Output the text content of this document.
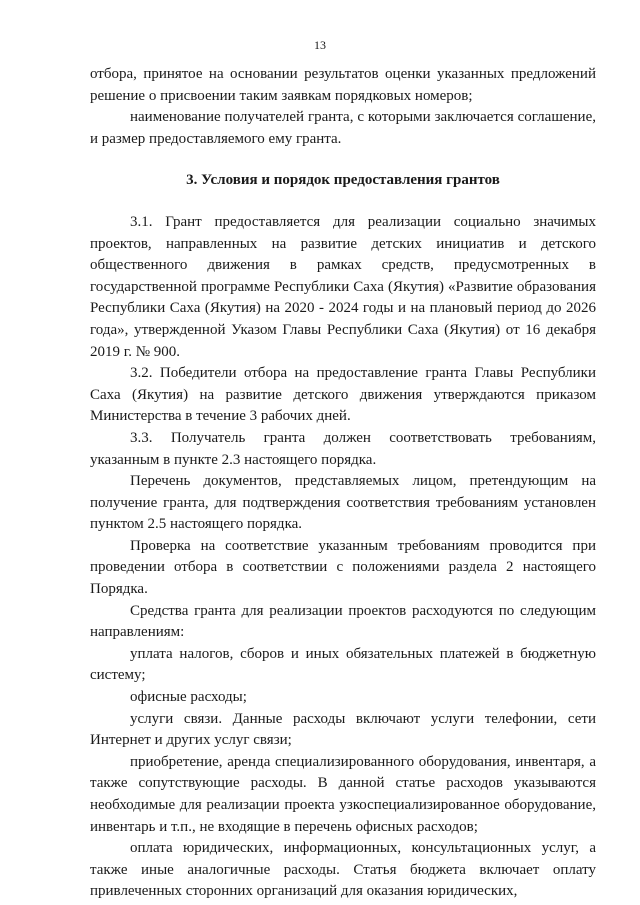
13

отбора, принятое на основании результатов оценки указанных предложений решение о присвоении таким заявкам порядковых номеров;

наименование получателей гранта, с которыми заключается соглашение, и размер предоставляемого ему гранта.

3. Условия и порядок предоставления грантов

3.1. Грант предоставляется для реализации социально значимых проектов, направленных на развитие детских инициатив и детского общественного движения в рамках средств, предусмотренных в государственной программе Республики Саха (Якутия) «Развитие образования Республики Саха (Якутия) на 2020 - 2024 годы и на плановый период до 2026 года», утвержденной Указом Главы Республики Саха (Якутия) от 16 декабря 2019 г. № 900.

3.2. Победители отбора на предоставление гранта Главы Республики Саха (Якутия) на развитие детского движения утверждаются приказом Министерства в течение 3 рабочих дней.

3.3. Получатель гранта должен соответствовать требованиям, указанным в пункте 2.3 настоящего порядка.

Перечень документов, представляемых лицом, претендующим на получение гранта, для подтверждения соответствия требованиям установлен пунктом 2.5 настоящего порядка.

Проверка на соответствие указанным требованиям проводится при проведении отбора в соответствии с положениями раздела 2 настоящего Порядка.

Средства гранта для реализации проектов расходуются по следующим направлениям:

уплата налогов, сборов и иных обязательных платежей в бюджетную систему;

офисные расходы;

услуги связи. Данные расходы включают услуги телефонии, сети Интернет и других услуг связи;

приобретение, аренда специализированного оборудования, инвентаря, а также сопутствующие расходы. В данной статье расходов указываются необходимые для реализации проекта узкоспециализированное оборудование, инвентарь и т.п., не входящие в перечень офисных расходов;

оплата юридических, информационных, консультационных услуг, а также иные аналогичные расходы. Статья бюджета включает оплату привлеченных сторонних организаций для оказания юридических,
